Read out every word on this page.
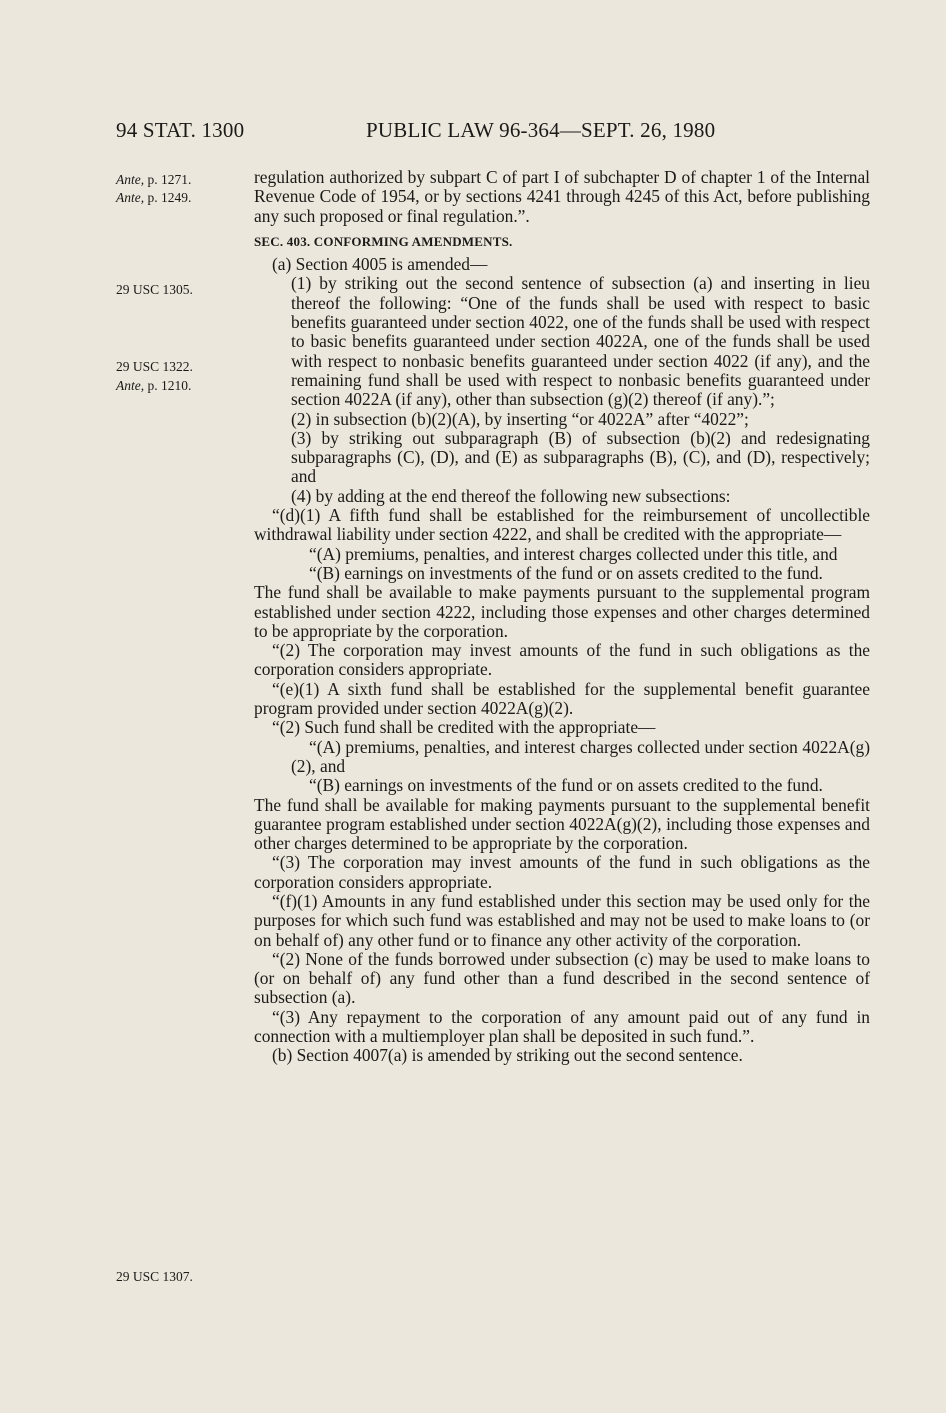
94 STAT. 1300	PUBLIC LAW 96-364—SEPT. 26, 1980
Ante, p. 1271.
Ante, p. 1249.
29 USC 1305.
29 USC 1322.
Ante, p. 1210.
29 USC 1307.

regulation authorized by subpart C of part I of subchapter D of chapter 1 of the Internal Revenue Code of 1954, or by sections 4241 through 4245 of this Act, before publishing any such proposed or final regulation.”.

SEC. 403. CONFORMING AMENDMENTS.

(a) Section 4005 is amended—

(1) by striking out the second sentence of subsection (a) and inserting in lieu thereof the following: “One of the funds shall be used with respect to basic benefits guaranteed under section 4022, one of the funds shall be used with respect to basic benefits guaranteed under section 4022A, one of the funds shall be used with respect to nonbasic benefits guaranteed under section 4022 (if any), and the remaining fund shall be used with respect to nonbasic benefits guaranteed under section 4022A (if any), other than subsection (g)(2) thereof (if any).”;

(2) in subsection (b)(2)(A), by inserting “or 4022A” after “4022”;

(3) by striking out subparagraph (B) of subsection (b)(2) and redesignating subparagraphs (C), (D), and (E) as subparagraphs (B), (C), and (D), respectively; and

(4) by adding at the end thereof the following new subsections:

“(d)(1) A fifth fund shall be established for the reimbursement of uncollectible withdrawal liability under section 4222, and shall be credited with the appropriate—

“(A) premiums, penalties, and interest charges collected under this title, and

“(B) earnings on investments of the fund or on assets credited to the fund.

The fund shall be available to make payments pursuant to the supplemental program established under section 4222, including those expenses and other charges determined to be appropriate by the corporation.

“(2) The corporation may invest amounts of the fund in such obligations as the corporation considers appropriate.

“(e)(1) A sixth fund shall be established for the supplemental benefit guarantee program provided under section 4022A(g)(2).

“(2) Such fund shall be credited with the appropriate—

“(A) premiums, penalties, and interest charges collected under section 4022A(g)(2), and

“(B) earnings on investments of the fund or on assets credited to the fund.

The fund shall be available for making payments pursuant to the supplemental benefit guarantee program established under section 4022A(g)(2), including those expenses and other charges determined to be appropriate by the corporation.

“(3) The corporation may invest amounts of the fund in such obligations as the corporation considers appropriate.

“(f)(1) Amounts in any fund established under this section may be used only for the purposes for which such fund was established and may not be used to make loans to (or on behalf of) any other fund or to finance any other activity of the corporation.

“(2) None of the funds borrowed under subsection (c) may be used to make loans to (or on behalf of) any fund other than a fund described in the second sentence of subsection (a).

“(3) Any repayment to the corporation of any amount paid out of any fund in connection with a multiemployer plan shall be deposited in such fund.”.

(b) Section 4007(a) is amended by striking out the second sentence.
